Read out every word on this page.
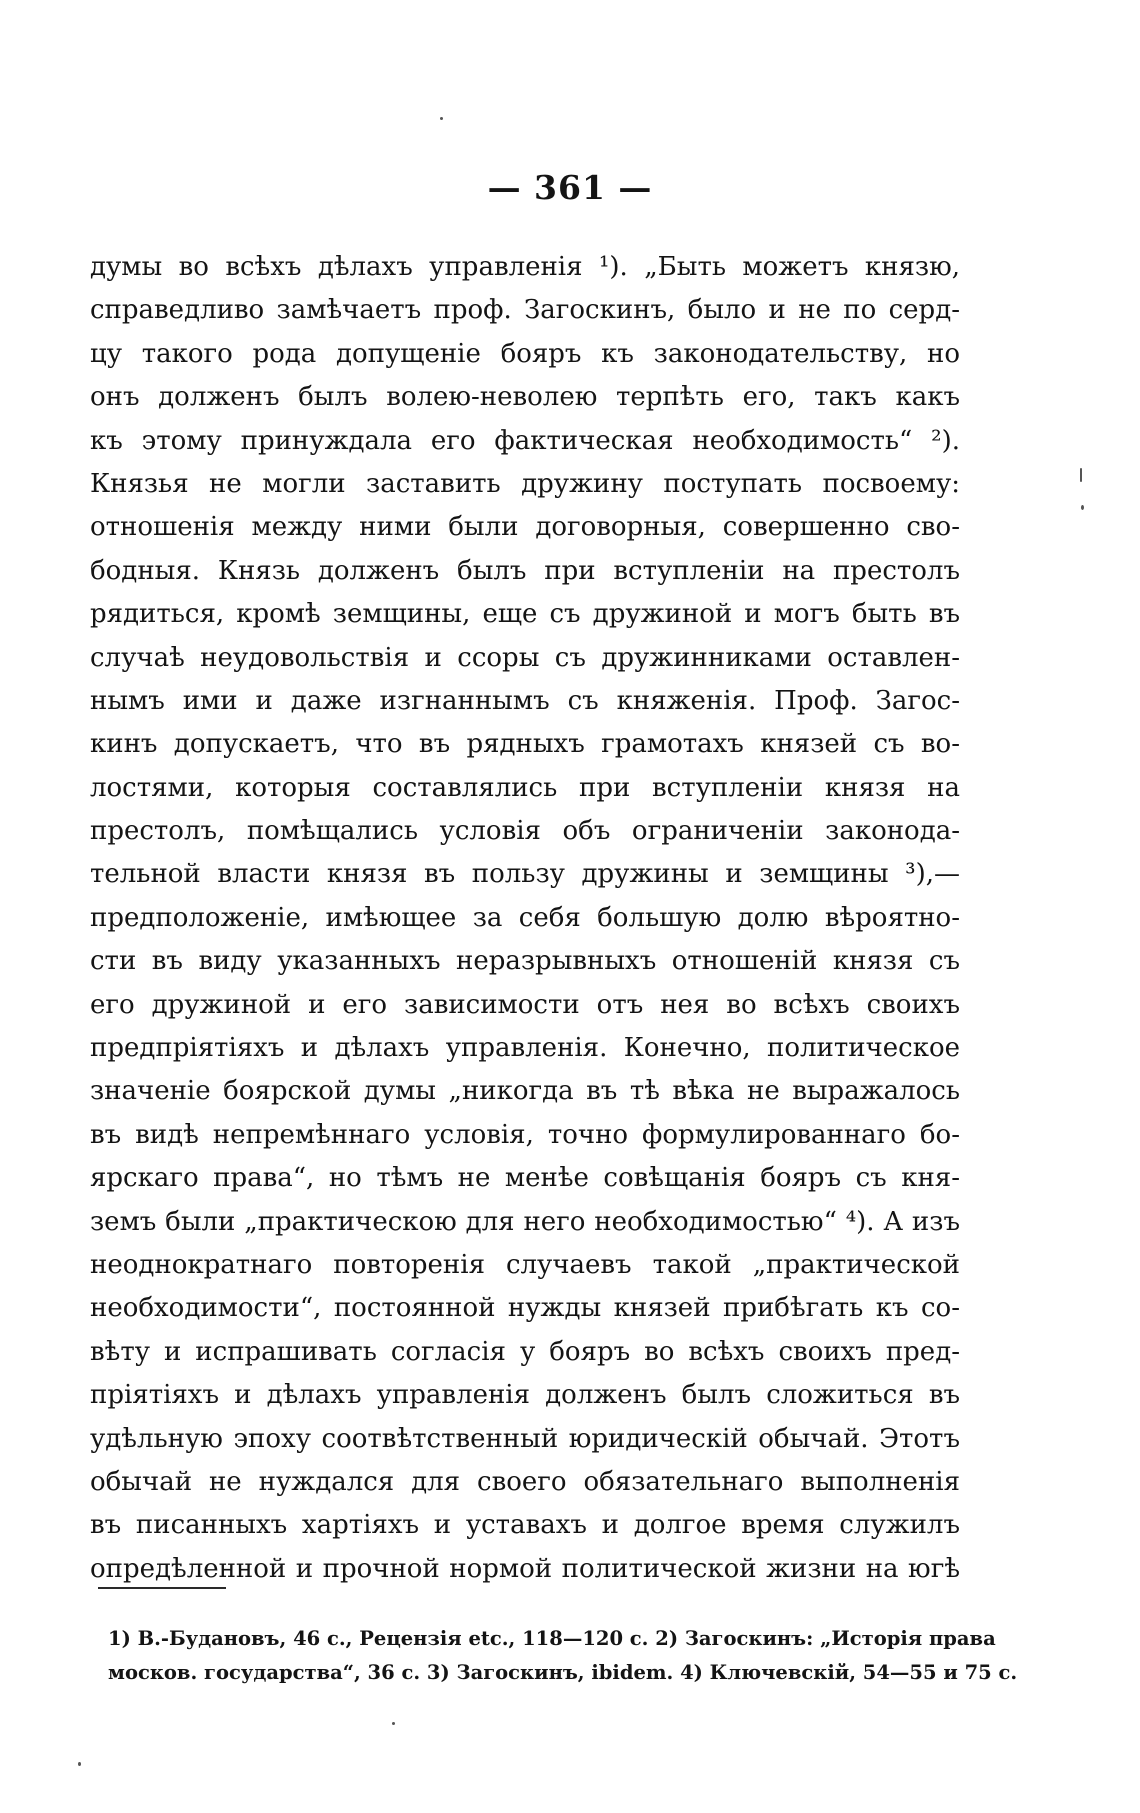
— 361 —
думы во всѣхъ дѣлахъ управленія ¹). „Быть можетъ князю,
справедливо замѣчаетъ проф. Загоскинъ, было и не по серд-
цу такого рода допущеніе бояръ къ законодательству, но
онъ долженъ былъ волею-неволею терпѣть его, такъ какъ
къ этому принуждала его фактическая необходимость“ ²).
Князья не могли заставить дружину поступать посвоему:
отношенія между ними были договорныя, совершенно сво-
бодныя. Князь долженъ былъ при вступленіи на престолъ
рядиться, кромѣ земщины, еще съ дружиной и могъ быть въ
случаѣ неудовольствія и ссоры съ дружинниками оставлен-
нымъ ими и даже изгнаннымъ съ княженія. Проф. Загос-
кинъ допускаетъ, что въ рядныхъ грамотахъ князей съ во-
лостями, которыя составлялись при вступленіи князя на
престолъ, помѣщались условія объ ограниченіи законода-
тельной власти князя въ пользу дружины и земщины ³),—
предположеніе, имѣющее за себя большую долю вѣроятно-
сти въ виду указанныхъ неразрывныхъ отношеній князя съ
его дружиной и его зависимости отъ нея во всѣхъ своихъ
предпріятіяхъ и дѣлахъ управленія. Конечно, политическое
значеніе боярской думы „никогда въ тѣ вѣка не выражалось
въ видѣ непремѣннаго условія, точно формулированнаго бо-
ярскаго права“, но тѣмъ не менѣе совѣщанія бояръ съ кня-
земъ были „практическою для него необходимостью“ ⁴). А изъ
неоднократнаго повторенія случаевъ такой „практической
необходимости“, постоянной нужды князей прибѣгать къ со-
вѣту и испрашивать согласія у бояръ во всѣхъ своихъ пред-
пріятіяхъ и дѣлахъ управленія долженъ былъ сложиться въ
удѣльную эпоху соотвѣтственный юридическій обычай. Этотъ
обычай не нуждался для своего обязательнаго выполненія
въ писанныхъ хартіяхъ и уставахъ и долгое время служилъ
опредѣленной и прочной нормой политической жизни на югѣ
1) В.-Будановъ, 46 с., Рецензія etc., 118—120 с. 2) Загоскинъ: „Исторія права
москов. государства“, 36 с. 3) Загоскинъ, ibidem. 4) Ключевскій, 54—55 и 75 с.
